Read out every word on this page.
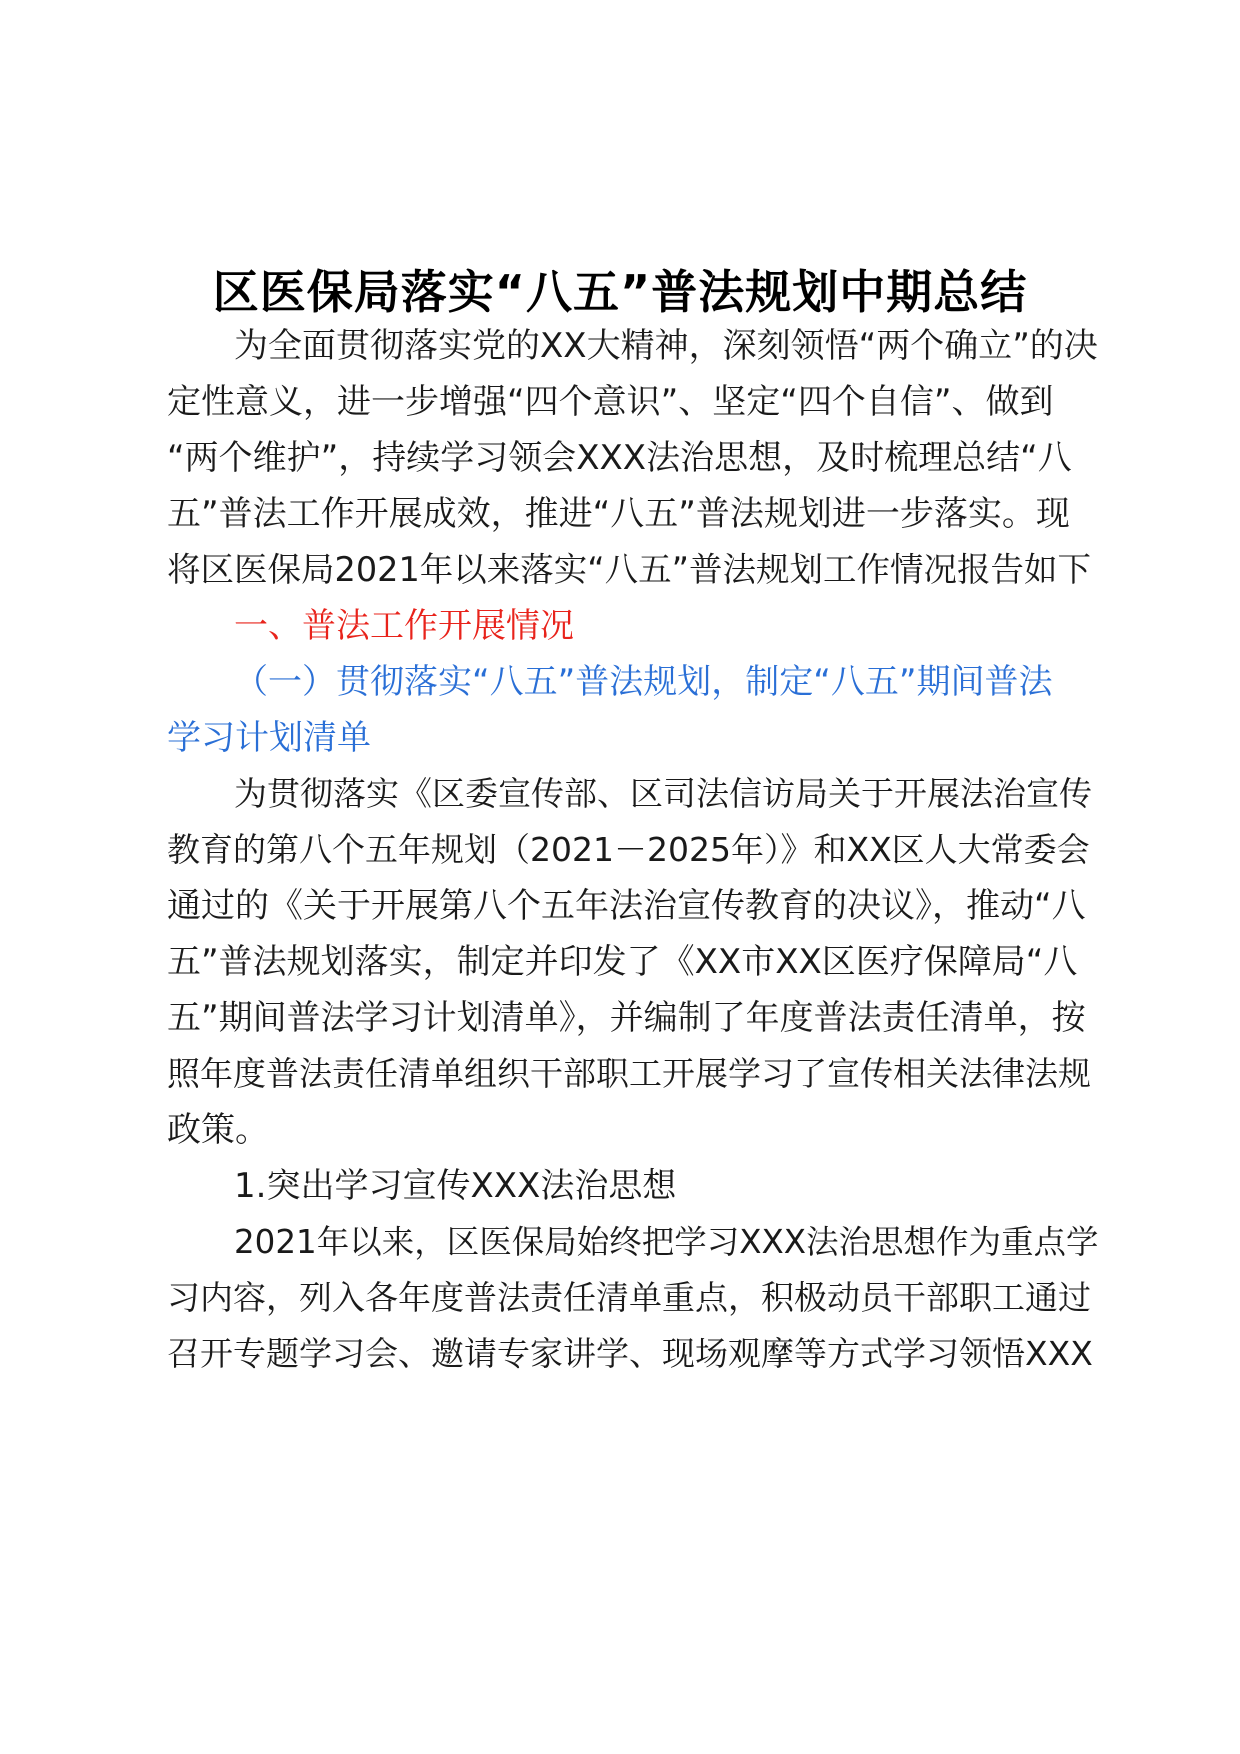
区医保局落实“八五”普法规划中期总结
为全面贯彻落实党的XX大精神，深刻领悟“两个确立”的决
定性意义，进一步增强“四个意识”、坚定“四个自信”、做到
“两个维护”，持续学习领会XXX法治思想，及时梳理总结“八
五”普法工作开展成效，推进“八五”普法规划进一步落实。现
将区医保局2021年以来落实“八五”普法规划工作情况报告如下
一、普法工作开展情况
（一）贯彻落实“八五”普法规划，制定“八五”期间普法
学习计划清单
为贯彻落实《区委宣传部、区司法信访局关于开展法治宣传
教育的第八个五年规划（2021－2025年）》和XX区人大常委会
通过的《关于开展第八个五年法治宣传教育的决议》，推动“八
五”普法规划落实，制定并印发了《XX市XX区医疗保障局“八
五”期间普法学习计划清单》，并编制了年度普法责任清单，按
照年度普法责任清单组织干部职工开展学习了宣传相关法律法规
政策。
1.突出学习宣传XXX法治思想
2021年以来，区医保局始终把学习XXX法治思想作为重点学
习内容，列入各年度普法责任清单重点，积极动员干部职工通过
召开专题学习会、邀请专家讲学、现场观摩等方式学习领悟XXX
